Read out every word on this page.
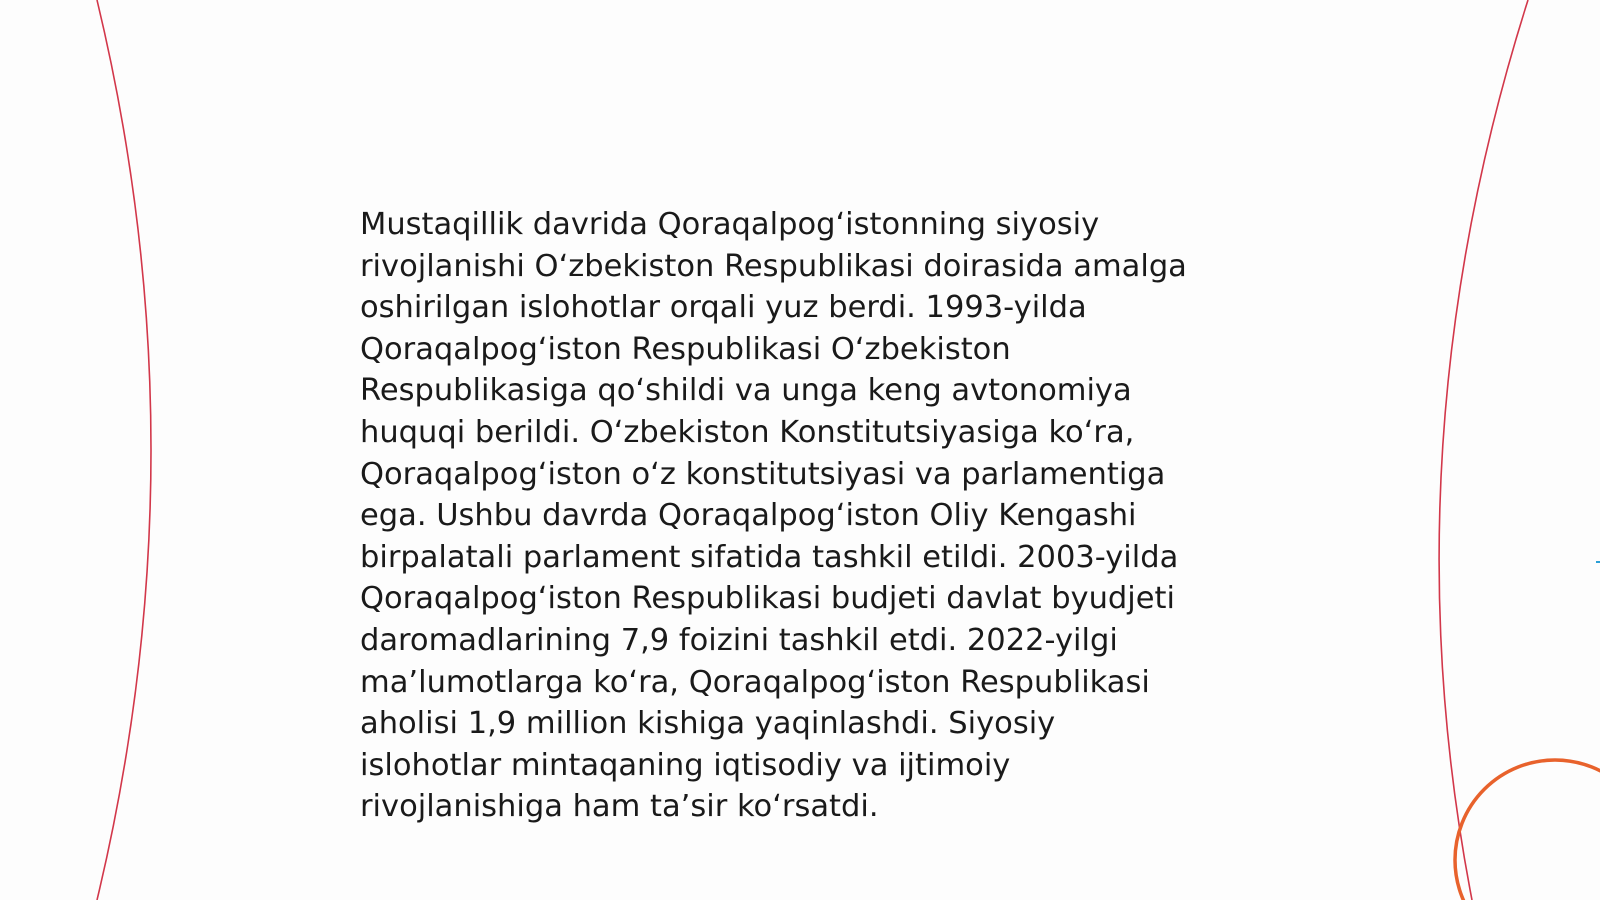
Mustaqillik davrida Qoraqalpogʻistonning siyosiy
rivojlanishi Oʻzbekiston Respublikasi doirasida amalga
oshirilgan islohotlar orqali yuz berdi. 1993-yilda
Qoraqalpogʻiston Respublikasi Oʻzbekiston
Respublikasiga qoʻshildi va unga keng avtonomiya
huquqi berildi. Oʻzbekiston Konstitutsiyasiga koʻra,
Qoraqalpogʻiston oʻz konstitutsiyasi va parlamentiga
ega. Ushbu davrda Qoraqalpogʻiston Oliy Kengashi
birpalatali parlament sifatida tashkil etildi. 2003-yilda
Qoraqalpogʻiston Respublikasi budjeti davlat byudjeti
daromadlarining 7,9 foizini tashkil etdi. 2022-yilgi
maʼlumotlarga koʻra, Qoraqalpogʻiston Respublikasi
aholisi 1,9 million kishiga yaqinlashdi. Siyosiy
islohotlar mintaqaning iqtisodiy va ijtimoiy
rivojlanishiga ham taʼsir koʻrsatdi.
